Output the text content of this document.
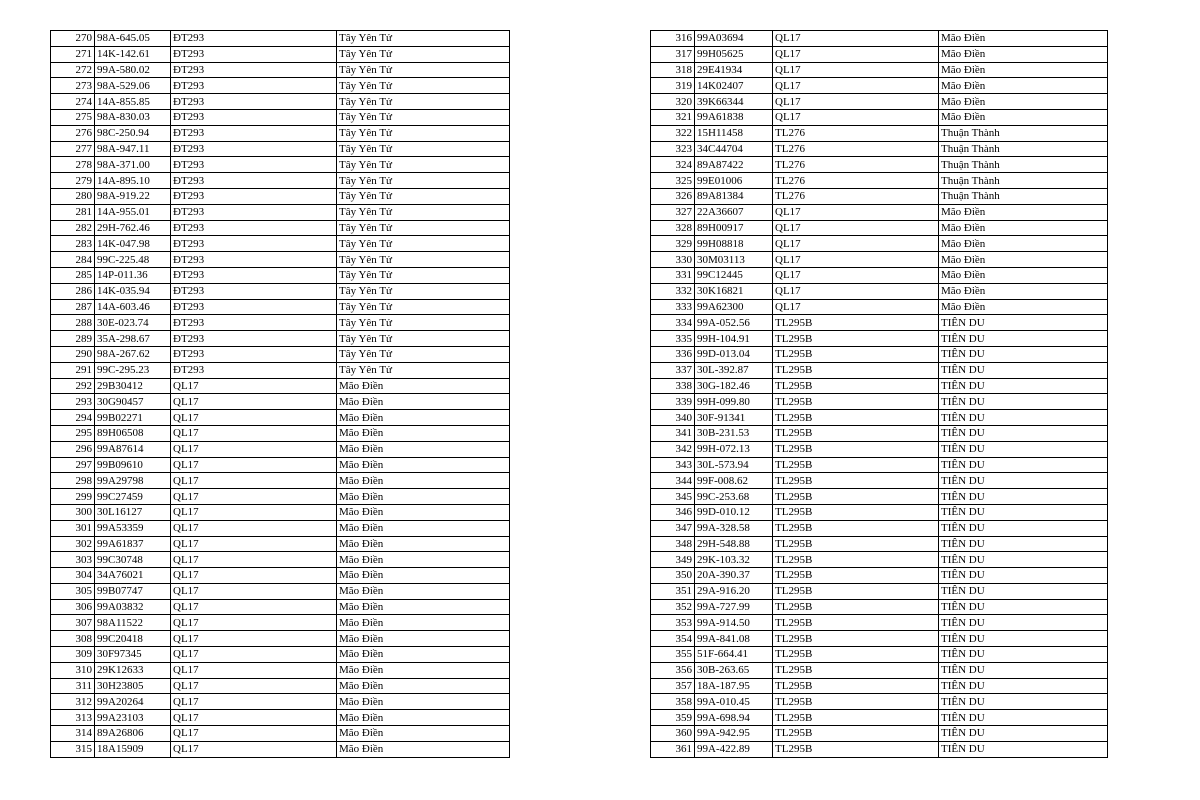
270	98A-645.05	ĐT293	Tây Yên Tử
271	14K-142.61	ĐT293	Tây Yên Tử
272	99A-580.02	ĐT293	Tây Yên Tử
273	98A-529.06	ĐT293	Tây Yên Tử
274	14A-855.85	ĐT293	Tây Yên Tử
275	98A-830.03	ĐT293	Tây Yên Tử
276	98C-250.94	ĐT293	Tây Yên Tử
277	98A-947.11	ĐT293	Tây Yên Tử
278	98A-371.00	ĐT293	Tây Yên Tử
279	14A-895.10	ĐT293	Tây Yên Tử
280	98A-919.22	ĐT293	Tây Yên Tử
281	14A-955.01	ĐT293	Tây Yên Tử
282	29H-762.46	ĐT293	Tây Yên Tử
283	14K-047.98	ĐT293	Tây Yên Tử
284	99C-225.48	ĐT293	Tây Yên Tử
285	14P-011.36	ĐT293	Tây Yên Tử
286	14K-035.94	ĐT293	Tây Yên Tử
287	14A-603.46	ĐT293	Tây Yên Tử
288	30E-023.74	ĐT293	Tây Yên Tử
289	35A-298.67	ĐT293	Tây Yên Tử
290	98A-267.62	ĐT293	Tây Yên Tử
291	99C-295.23	ĐT293	Tây Yên Tử
292	29B30412	QL17	Mão Điền
293	30G90457	QL17	Mão Điền
294	99B02271	QL17	Mão Điền
295	89H06508	QL17	Mão Điền
296	99A87614	QL17	Mão Điền
297	99B09610	QL17	Mão Điền
298	99A29798	QL17	Mão Điền
299	99C27459	QL17	Mão Điền
300	30L16127	QL17	Mão Điền
301	99A53359	QL17	Mão Điền
302	99A61837	QL17	Mão Điền
303	99C30748	QL17	Mão Điền
304	34A76021	QL17	Mão Điền
305	99B07747	QL17	Mão Điền
306	99A03832	QL17	Mão Điền
307	98A11522	QL17	Mão Điền
308	99C20418	QL17	Mão Điền
309	30F97345	QL17	Mão Điền
310	29K12633	QL17	Mão Điền
311	30H23805	QL17	Mão Điền
312	99A20264	QL17	Mão Điền
313	99A23103	QL17	Mão Điền
314	89A26806	QL17	Mão Điền
315	18A15909	QL17	Mão Điền
316	99A03694	QL17	Mão Điền
317	99H05625	QL17	Mão Điền
318	29E41934	QL17	Mão Điền
319	14K02407	QL17	Mão Điền
320	39K66344	QL17	Mão Điền
321	99A61838	QL17	Mão Điền
322	15H11458	TL276	Thuận Thành
323	34C44704	TL276	Thuận Thành
324	89A87422	TL276	Thuận Thành
325	99E01006	TL276	Thuận Thành
326	89A81384	TL276	Thuận Thành
327	22A36607	QL17	Mão Điền
328	89H00917	QL17	Mão Điền
329	99H08818	QL17	Mão Điền
330	30M03113	QL17	Mão Điền
331	99C12445	QL17	Mão Điền
332	30K16821	QL17	Mão Điền
333	99A62300	QL17	Mão Điền
334	99A-052.56	TL295B	TIÊN DU
335	99H-104.91	TL295B	TIÊN DU
336	99D-013.04	TL295B	TIÊN DU
337	30L-392.87	TL295B	TIÊN DU
338	30G-182.46	TL295B	TIÊN DU
339	99H-099.80	TL295B	TIÊN DU
340	30F-91341	TL295B	TIÊN DU
341	30B-231.53	TL295B	TIÊN DU
342	99H-072.13	TL295B	TIÊN DU
343	30L-573.94	TL295B	TIÊN DU
344	99F-008.62	TL295B	TIÊN DU
345	99C-253.68	TL295B	TIÊN DU
346	99D-010.12	TL295B	TIÊN DU
347	99A-328.58	TL295B	TIÊN DU
348	29H-548.88	TL295B	TIÊN DU
349	29K-103.32	TL295B	TIÊN DU
350	20A-390.37	TL295B	TIÊN DU
351	29A-916.20	TL295B	TIÊN DU
352	99A-727.99	TL295B	TIÊN DU
353	99A-914.50	TL295B	TIÊN DU
354	99A-841.08	TL295B	TIÊN DU
355	51F-664.41	TL295B	TIÊN DU
356	30B-263.65	TL295B	TIÊN DU
357	18A-187.95	TL295B	TIÊN DU
358	99A-010.45	TL295B	TIÊN DU
359	99A-698.94	TL295B	TIÊN DU
360	99A-942.95	TL295B	TIÊN DU
361	99A-422.89	TL295B	TIÊN DU
